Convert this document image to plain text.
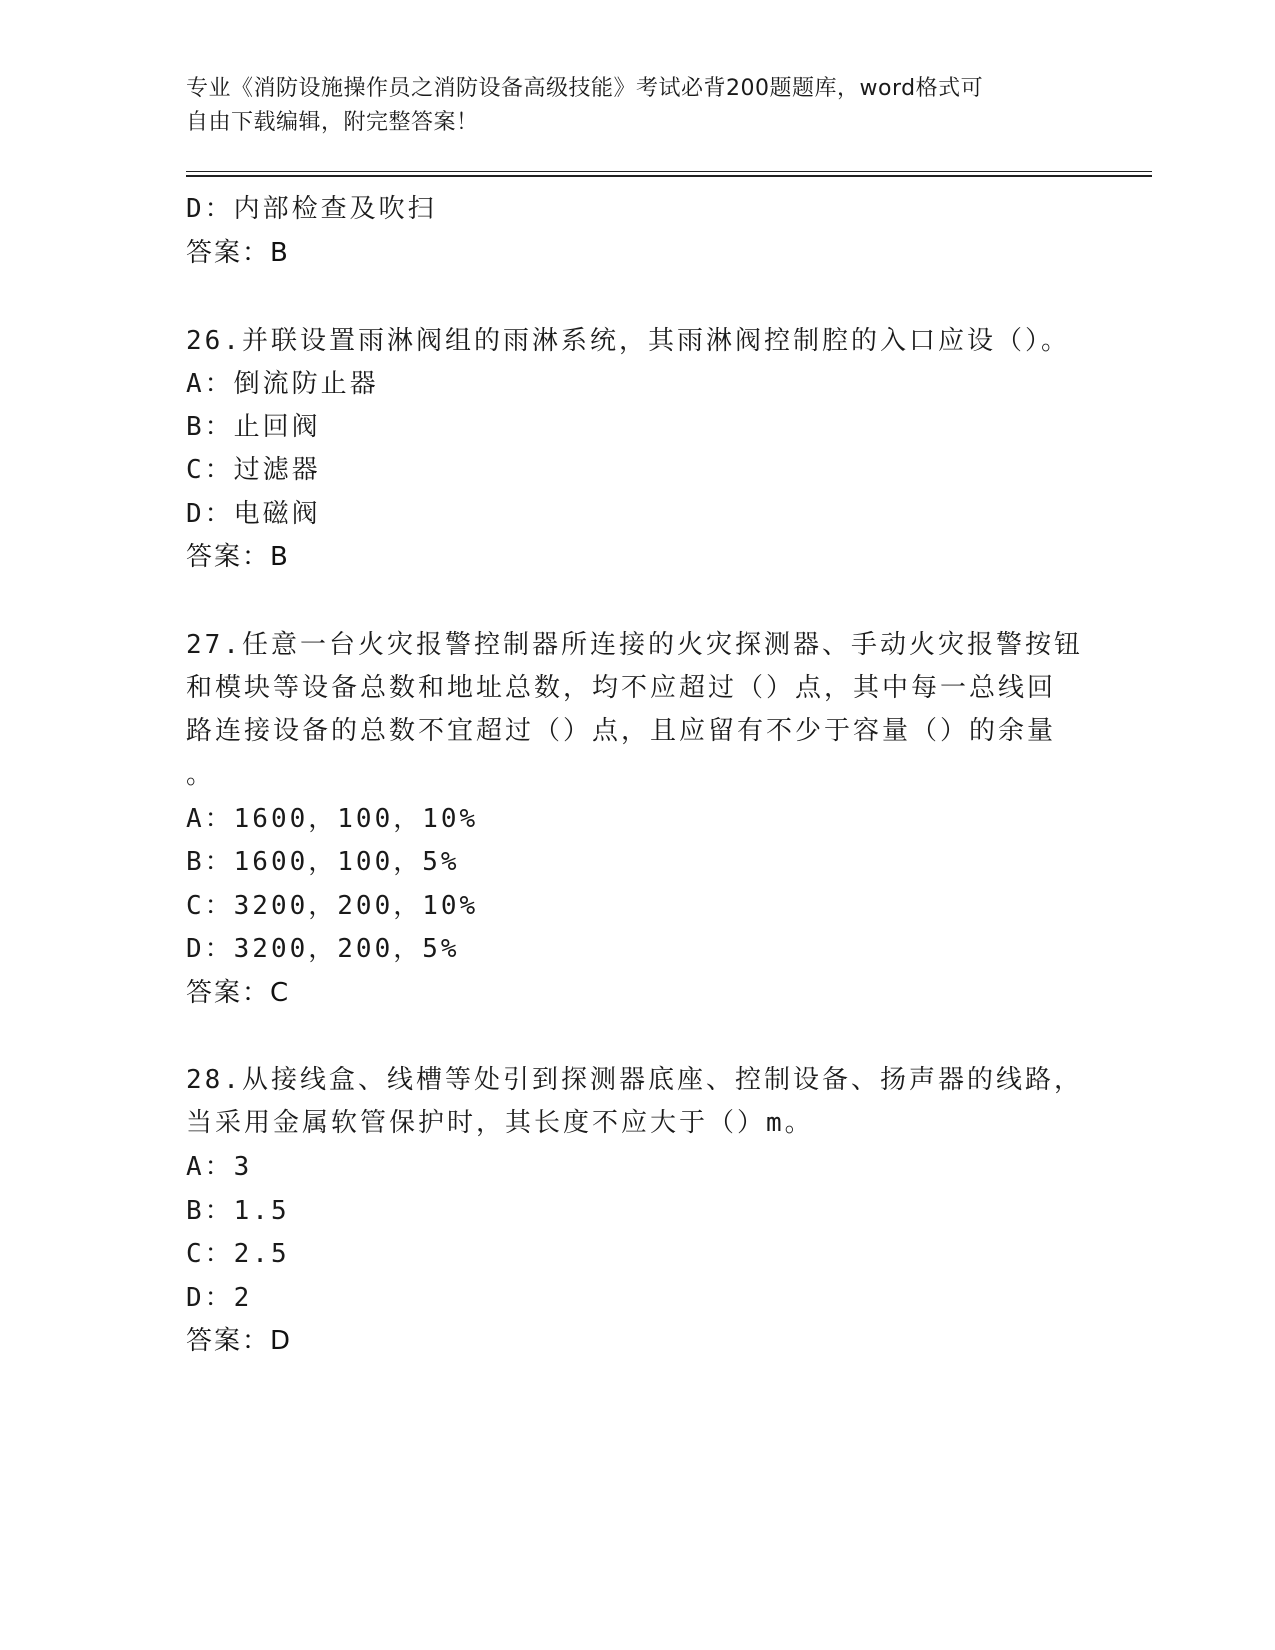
专业《消防设施操作员之消防设备高级技能》考试必背200题题库，word格式可
自由下载编辑，附完整答案！
D：内部检查及吹扫
答案：B
26.并联设置雨淋阀组的雨淋系统，其雨淋阀控制腔的入口应设（）。
A：倒流防止器
B：止回阀
C：过滤器
D：电磁阀
答案：B
27.任意一台火灾报警控制器所连接的火灾探测器、手动火灾报警按钮
和模块等设备总数和地址总数，均不应超过（）点，其中每一总线回
路连接设备的总数不宜超过（）点，且应留有不少于容量（）的余量
。
A：1600，100，10%
B：1600，100，5%
C：3200，200，10%
D：3200，200，5%
答案：C
28.从接线盒、线槽等处引到探测器底座、控制设备、扬声器的线路，
当采用金属软管保护时，其长度不应大于（）m。
A：3
B：1.5
C：2.5
D：2
答案：D
